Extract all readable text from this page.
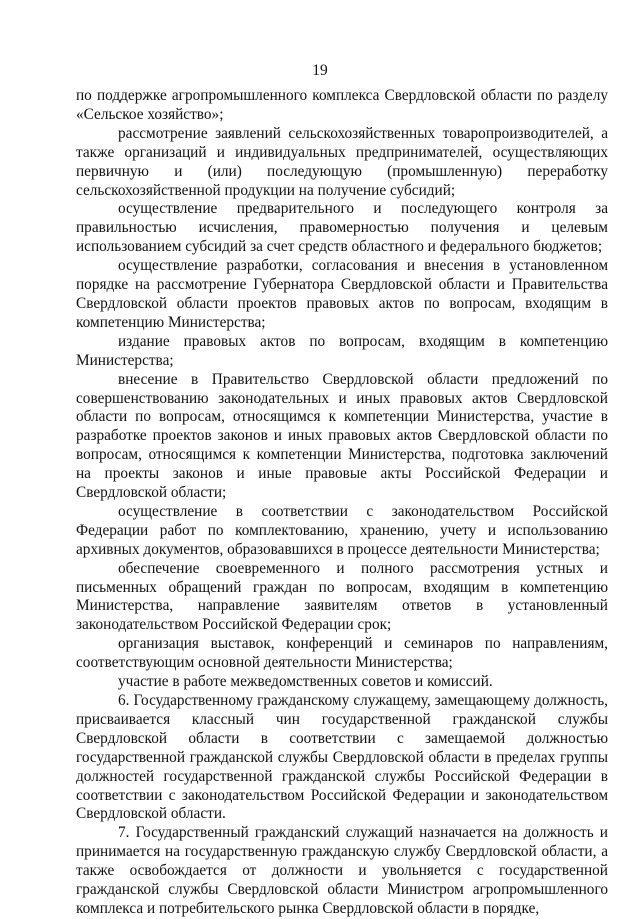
19

по поддержке агропромышленного комплекса Свердловской области по разделу «Сельское хозяйство»;

рассмотрение заявлений сельскохозяйственных товаропроизводителей, а также организаций и индивидуальных предпринимателей, осуществляющих первичную и (или) последующую (промышленную) переработку сельскохозяйственной продукции на получение субсидий;

осуществление предварительного и последующего контроля за правильностью исчисления, правомерностью получения и целевым использованием субсидий за счет средств областного и федерального бюджетов;

осуществление разработки, согласования и внесения в установленном порядке на рассмотрение Губернатора Свердловской области и Правительства Свердловской области проектов правовых актов по вопросам, входящим в компетенцию Министерства;

издание правовых актов по вопросам, входящим в компетенцию Министерства;

внесение в Правительство Свердловской области предложений по совершенствованию законодательных и иных правовых актов Свердловской области по вопросам, относящимся к компетенции Министерства, участие в разработке проектов законов и иных правовых актов Свердловской области по вопросам, относящимся к компетенции Министерства, подготовка заключений на проекты законов и иные правовые акты Российской Федерации и Свердловской области;

осуществление в соответствии с законодательством Российской Федерации работ по комплектованию, хранению, учету и использованию архивных документов, образовавшихся в процессе деятельности Министерства;

обеспечение своевременного и полного рассмотрения устных и письменных обращений граждан по вопросам, входящим в компетенцию Министерства, направление заявителям ответов в установленный законодательством Российской Федерации срок;

организация выставок, конференций и семинаров по направлениям, соответствующим основной деятельности Министерства;

участие в работе межведомственных советов и комиссий.

6. Государственному гражданскому служащему, замещающему должность, присваивается классный чин государственной гражданской службы Свердловской области в соответствии с замещаемой должностью государственной гражданской службы Свердловской области в пределах группы должностей государственной гражданской службы Российской Федерации в соответствии с законодательством Российской Федерации и законодательством Свердловской области.

7. Государственный гражданский служащий назначается на должность и принимается на государственную гражданскую службу Свердловской области, а также освобождается от должности и увольняется с государственной гражданской службы Свердловской области Министром агропромышленного комплекса и потребительского рынка Свердловской области в порядке,
